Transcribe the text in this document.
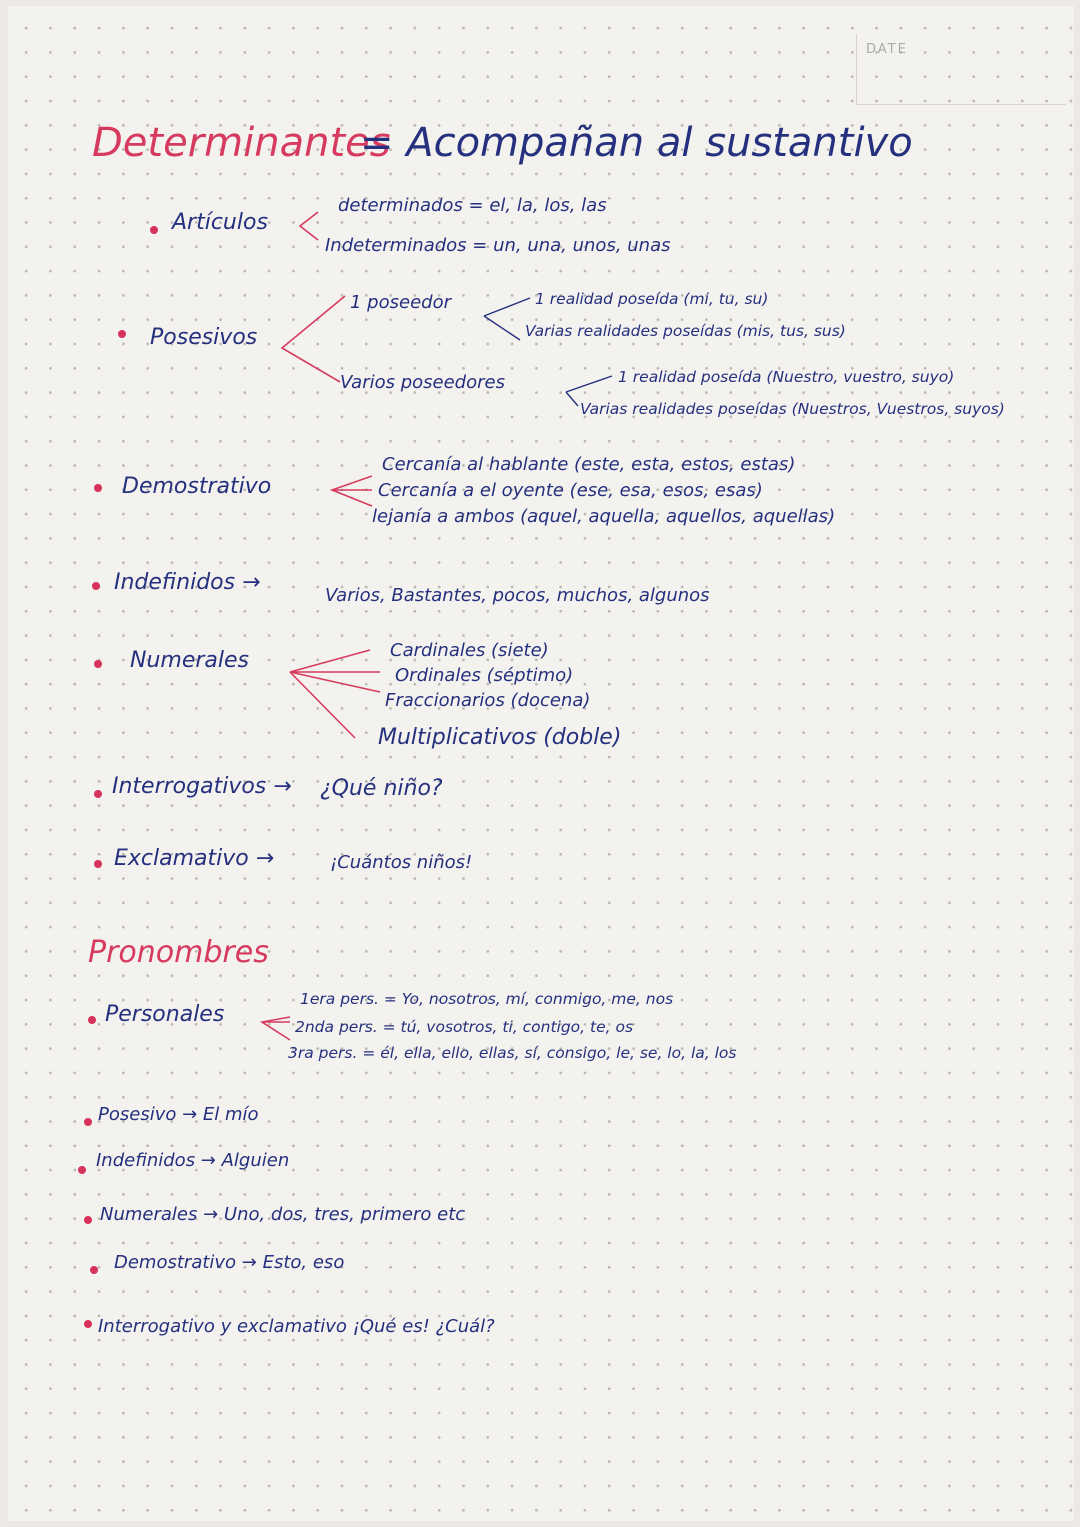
DATE
Determinantes
= Acompañan al sustantivo
Artículos
determinados = el, la, los, las
Indeterminados = un, una, unos, unas
Posesivos
1 poseedor	1 realidad poseída (mi, tu, su)
Varias realidades poseídas (mis, tus, sus)
Varios poseedores	1 realidad poseída (Nuestro, vuestro, suyo)
Varias realidades poseídas (Nuestros, Vuestros, suyos)
Demostrativo
Cercanía al hablante (este, esta, estos, estas)
Cercanía a el oyente (ese, esa, esos, esas)
lejanía a ambos (aquel, aquella, aquellos, aquellas)
Indefinidos →
Varios, Bastantes, pocos, muchos, algunos
Numerales	Cardinales (siete)
Ordinales (séptimo)
Fraccionarios (docena)
Multiplicativos (doble)
Interrogativos → ¿Qué niño?
Exclamativo →	¡Cuántos niños!
Pronombres
Personales
1era pers. = Yo, nosotros, mí, conmigo, me, nos
2nda pers. = tú, vosotros, ti, contigo, te, os
3ra pers. = él, ella, ello, ellas, sí, consigo, le, se, lo, la, los
Posesivo → El mío
Indefinidos → Alguien
Numerales → Uno, dos, tres, primero etc
Demostrativo → Esto, eso
Interrogativo y exclamativo ¡Qué es! ¿Cuál?
